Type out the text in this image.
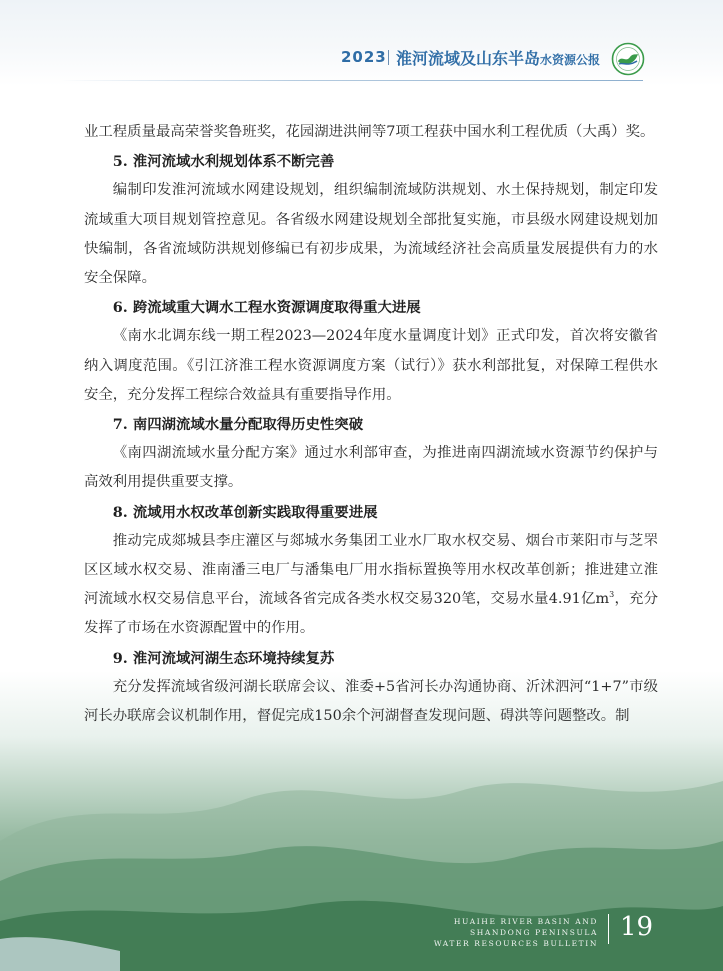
2023 淮河流域及山东半岛水资源公报

业工程质量最高荣誉奖鲁班奖，花园湖进洪闸等7项工程获中国水利工程优质（大禹）奖。

5. 淮河流域水利规划体系不断完善

编制印发淮河流域水网建设规划，组织编制流域防洪规划、水土保持规划，制定印发流域重大项目规划管控意见。各省级水网建设规划全部批复实施，市县级水网建设规划加快编制，各省流域防洪规划修编已有初步成果，为流域经济社会高质量发展提供有力的水安全保障。

6. 跨流域重大调水工程水资源调度取得重大进展

《南水北调东线一期工程2023—2024年度水量调度计划》正式印发，首次将安徽省纳入调度范围。《引江济淮工程水资源调度方案（试行）》获水利部批复，对保障工程供水安全，充分发挥工程综合效益具有重要指导作用。

7. 南四湖流域水量分配取得历史性突破

《南四湖流域水量分配方案》通过水利部审查，为推进南四湖流域水资源节约保护与高效利用提供重要支撑。

8. 流域用水权改革创新实践取得重要进展

推动完成郯城县李庄灌区与郯城水务集团工业水厂取水权交易、烟台市莱阳市与芝罘区区域水权交易、淮南潘三电厂与潘集电厂用水指标置换等用水权改革创新；推进建立淮河流域水权交易信息平台，流域各省完成各类水权交易320笔，交易水量4.91亿$m^3$，充分发挥了市场在水资源配置中的作用。

9. 淮河流域河湖生态环境持续复苏

充分发挥流域省级河湖长联席会议、淮委+5省河长办沟通协商、沂沭泗河“1+7”市级河长办联席会议机制作用，督促完成150余个河湖督查发现问题、碍洪等问题整改。制

HUAIHE RIVER BASIN AND SHANDONG PENINSULA
WATER RESOURCES BULLETIN
19
